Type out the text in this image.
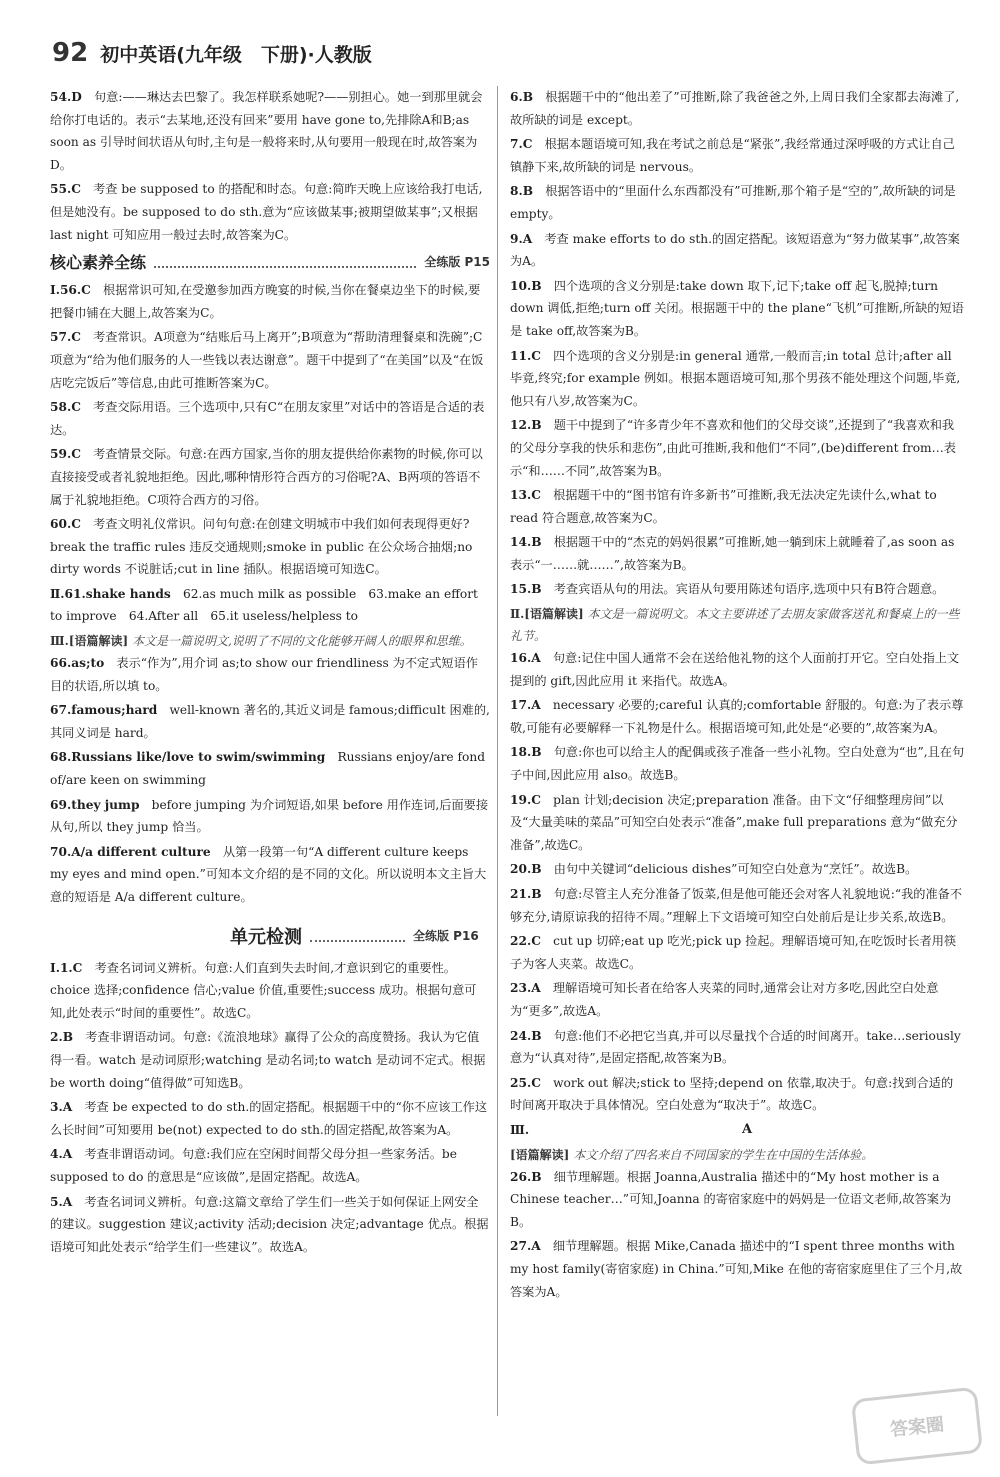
92 初中英语(九年级　下册)·人教版

54.D　 句意:——琳达去巴黎了。我怎样联系她呢?——别担心。她一到那里就会给你打电话的。表示“去某地,还没有回来”要用 have gone to,先排除A和B;as soon as 引导时间状语从句时,主句是一般将来时,从句要用一般现在时,故答案为D。

55.C　 考查 be supposed to 的搭配和时态。句意:简昨天晚上应该给我打电话,但是她没有。be supposed to do sth.意为“应该做某事;被期望做某事”;又根据 last night 可知应用一般过去时,故答案为C。

核心素养全练	全练版 P15

Ⅰ.56.C　 根据常识可知,在受邀参加西方晚宴的时候,当你在餐桌边坐下的时候,要把餐巾铺在大腿上,故答案为C。

57.C　 考查常识。A项意为“结账后马上离开”;B项意为“帮助清理餐桌和洗碗”;C项意为“给为他们服务的人一些钱以表达谢意”。题干中提到了“在美国”以及“在饭店吃完饭后”等信息,由此可推断答案为C。

58.C　 考查交际用语。三个选项中,只有C“在朋友家里”对话中的答语是合适的表达。

59.C　 考查情景交际。句意:在西方国家,当你的朋友提供给你素物的时候,你可以直接接受或者礼貌地拒绝。因此,哪种情形符合西方的习俗呢?A、B两项的答语不属于礼貌地拒绝。C项符合西方的习俗。

60.C　 考查文明礼仪常识。问句句意:在创建文明城市中我们如何表现得更好?break the traffic rules 违反交通规则;smoke in public 在公众场合抽烟;no dirty words 不说脏话;cut in line 插队。根据语境可知选C。

Ⅱ.61.shake hands　 62.as much milk as possible　63.make an effort to improve　64.After all　65.it useless/helpless to

Ⅲ.[语篇解读] 本文是一篇说明文,说明了不同的文化能够开阔人的眼界和思维。

66.as;to　 表示“作为”,用介词 as;to show our friendliness 为不定式短语作目的状语,所以填 to。

67.famous;hard　 well-known 著名的,其近义词是 famous;difficult 困难的,其同义词是 hard。

68.Russians like/love to swim/swimming　 Russians enjoy/are fond of/are keen on swimming

69.they jump　 before jumping 为介词短语,如果 before 用作连词,后面要接从句,所以 they jump 恰当。

70.A/a different culture　 从第一段第一句“A different culture keeps my eyes and mind open.”可知本文介绍的是不同的文化。所以说明本文主旨大意的短语是 A/a different culture。

单元检测	全练版 P16

Ⅰ.1.C　 考查名词词义辨析。句意:人们直到失去时间,才意识到它的重要性。choice 选择;confidence 信心;value 价值,重要性;success 成功。根据句意可知,此处表示“时间的重要性”。故选C。

2.B　 考查非谓语动词。句意:《流浪地球》赢得了公众的高度赞扬。我认为它值得一看。watch 是动词原形;watching 是动名词;to watch 是动词不定式。根据 be worth doing“值得做”可知选B。

3.A　 考查 be expected to do sth.的固定搭配。根据题干中的“你不应该工作这么长时间”可知要用 be(not) expected to do sth.的固定搭配,故答案为A。

4.A　 考查非谓语动词。句意:我们应在空闲时间帮父母分担一些家务活。be supposed to do 的意思是“应该做”,是固定搭配。故选A。

5.A　 考查名词词义辨析。句意:这篇文章给了学生们一些关于如何保证上网安全的建议。suggestion 建议;activity 活动;decision 决定;advantage 优点。根据语境可知此处表示“给学生们一些建议”。故选A。

6.B　 根据题干中的“他出差了”可推断,除了我爸爸之外,上周日我们全家都去海滩了,故所缺的词是 except。

7.C　 根据本题语境可知,我在考试之前总是“紧张”,我经常通过深呼吸的方式让自己镇静下来,故所缺的词是 nervous。

8.B　 根据答语中的“里面什么东西都没有”可推断,那个箱子是“空的”,故所缺的词是 empty。

9.A　 考查 make efforts to do sth.的固定搭配。该短语意为“努力做某事”,故答案为A。

10.B　 四个选项的含义分别是:take down 取下,记下;take off 起飞,脱掉;turn down 调低,拒绝;turn off 关闭。根据题干中的 the plane“飞机”可推断,所缺的短语是 take off,故答案为B。

11.C　 四个选项的含义分别是:in general 通常,一般而言;in total 总计;after all 毕竟,终究;for example 例如。根据本题语境可知,那个男孩不能处理这个问题,毕竟,他只有八岁,故答案为C。

12.B　 题干中提到了“许多青少年不喜欢和他们的父母交谈”,还提到了“我喜欢和我的父母分享我的快乐和悲伤”,由此可推断,我和他们“不同”,(be)different from…表示“和……不同”,故答案为B。

13.C　 根据题干中的“图书馆有许多新书”可推断,我无法决定先读什么,what to read 符合题意,故答案为C。

14.B　 根据题干中的“杰克的妈妈很累”可推断,她一躺到床上就睡着了,as soon as 表示“一……就……”,故答案为B。

15.B　 考查宾语从句的用法。宾语从句要用陈述句语序,选项中只有B符合题意。

Ⅱ.[语篇解读] 本文是一篇说明文。本文主要讲述了去朋友家做客送礼和餐桌上的一些礼节。

16.A　 句意:记住中国人通常不会在送给他礼物的这个人面前打开它。空白处指上文提到的 gift,因此应用 it 来指代。故选A。

17.A　 necessary 必要的;careful 认真的;comfortable 舒服的。句意:为了表示尊敬,可能有必要解释一下礼物是什么。根据语境可知,此处是“必要的”,故答案为A。

18.B　 句意:你也可以给主人的配偶或孩子准备一些小礼物。空白处意为“也”,且在句子中间,因此应用 also。故选B。

19.C　 plan 计划;decision 决定;preparation 准备。由下文“仔细整理房间”以及“大量美味的菜品”可知空白处表示“准备”,make full preparations 意为“做充分准备”,故选C。

20.B　 由句中关键词“delicious dishes”可知空白处意为“烹饪”。故选B。

21.B　 句意:尽管主人充分准备了饭菜,但是他可能还会对客人礼貌地说:“我的准备不够充分,请原谅我的招待不周。”理解上下文语境可知空白处前后是让步关系,故选B。

22.C　 cut up 切碎;eat up 吃光;pick up 捡起。理解语境可知,在吃饭时长者用筷子为客人夹菜。故选C。

23.A　 理解语境可知长者在给客人夹菜的同时,通常会让对方多吃,因此空白处意为“更多”,故选A。

24.B　 句意:他们不必把它当真,并可以尽量找个合适的时间离开。take…seriously 意为“认真对待”,是固定搭配,故答案为B。

25.C　 work out 解决;stick to 坚持;depend on 依靠,取决于。句意:找到合适的时间离开取决于具体情况。空白处意为“取决于”。故选C。

Ⅲ.	A
[语篇解读] 本文介绍了四名来自不同国家的学生在中国的生活体验。

26.B　 细节理解题。根据 Joanna,Australia 描述中的“My host mother is a Chinese teacher…”可知,Joanna 的寄宿家庭中的妈妈是一位语文老师,故答案为B。

27.A　 细节理解题。根据 Mike,Canada 描述中的“I spent three months with my host family(寄宿家庭) in China.”可知,Mike 在他的寄宿家庭里住了三个月,故答案为A。

答案圈
